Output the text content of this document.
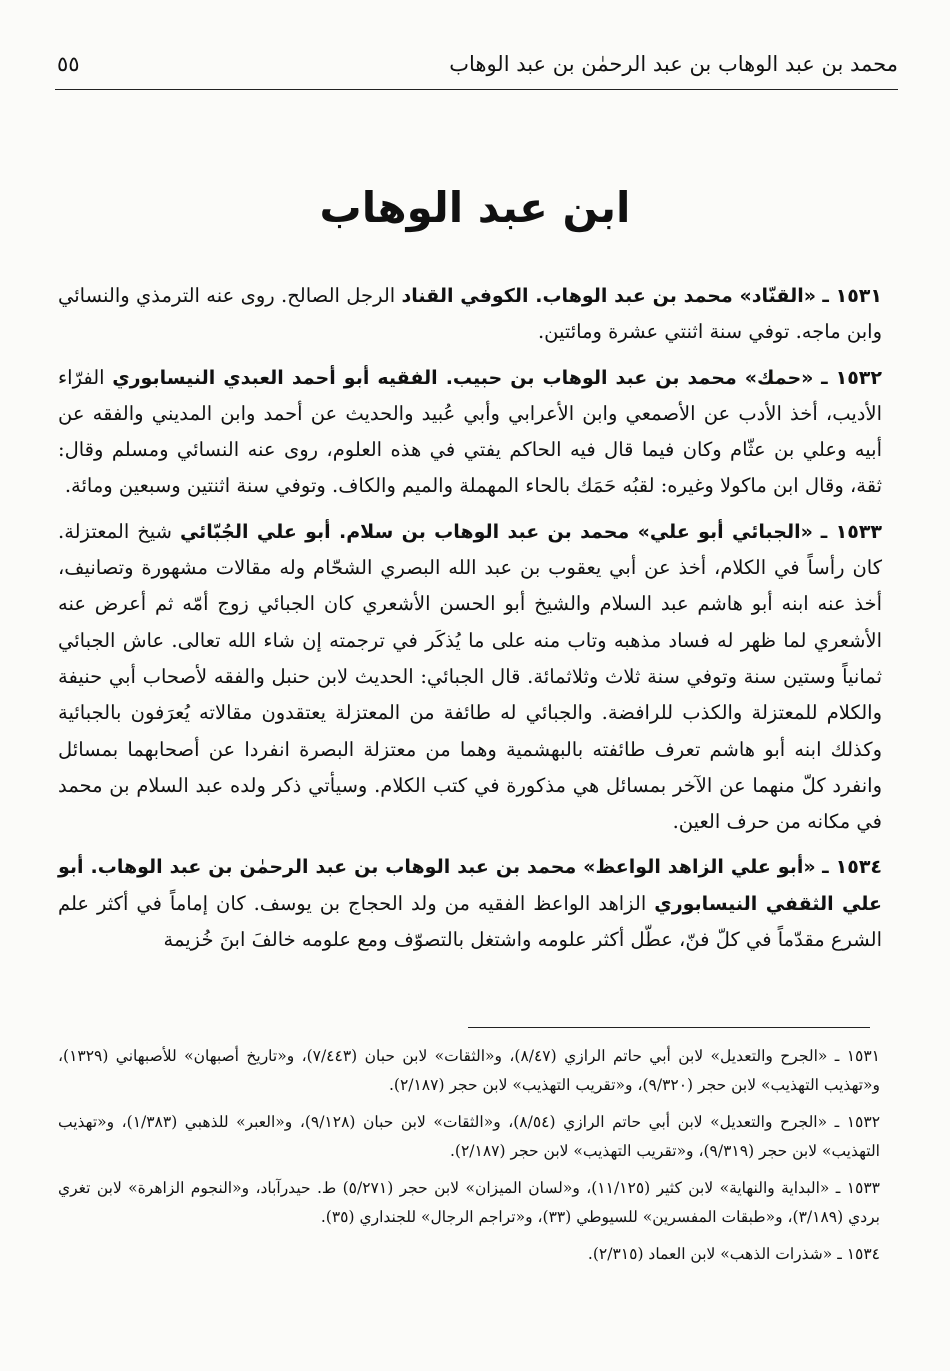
محمد بن عبد الوهاب بن عبد الرحمٰن بن عبد الوهاب
٥٥
ابن عبد الوهاب

١٥٣١ ـ «القنّاد» محمد بن عبد الوهاب. الكوفي القناد الرجل الصالح. روى عنه الترمذي والنسائي وابن ماجه. توفي سنة اثنتي عشرة ومائتين.

١٥٣٢ ـ «حمك» محمد بن عبد الوهاب بن حبيب. الفقيه أبو أحمد العبدي النيسابوري الفرّاء الأديب، أخذ الأدب عن الأصمعي وابن الأعرابي وأبي عُبيد والحديث عن أحمد وابن المديني والفقه عن أبيه وعلي بن عثّام وكان فيما قال فيه الحاكم يفتي في هذه العلوم، روى عنه النسائي ومسلم وقال: ثقة، وقال ابن ماكولا وغيره: لقبُه حَمَك بالحاء المهملة والميم والكاف. وتوفي سنة اثنتين وسبعين ومائة.

١٥٣٣ ـ «الجبائي أبو علي» محمد بن عبد الوهاب بن سلام. أبو علي الجُبّائي شيخ المعتزلة. كان رأساً في الكلام، أخذ عن أبي يعقوب بن عبد الله البصري الشحّام وله مقالات مشهورة وتصانيف، أخذ عنه ابنه أبو هاشم عبد السلام والشيخ أبو الحسن الأشعري كان الجبائي زوج أمّه ثم أعرض عنه الأشعري لما ظهر له فساد مذهبه وتاب منه على ما يُذكَر في ترجمته إن شاء الله تعالى. عاش الجبائي ثمانياً وستين سنة وتوفي سنة ثلاث وثلاثمائة. قال الجبائي: الحديث لابن حنبل والفقه لأصحاب أبي حنيفة والكلام للمعتزلة والكذب للرافضة. والجبائي له طائفة من المعتزلة يعتقدون مقالاته يُعرَفون بالجبائية وكذلك ابنه أبو هاشم تعرف طائفته بالبهشمية وهما من معتزلة البصرة انفردا عن أصحابهما بمسائل وانفرد كلّ منهما عن الآخر بمسائل هي مذكورة في كتب الكلام. وسيأتي ذكر ولده عبد السلام بن محمد في مكانه من حرف العين.

١٥٣٤ ـ «أبو علي الزاهد الواعظ» محمد بن عبد الوهاب بن عبد الرحمٰن بن عبد الوهاب. أبو علي الثقفي النيسابوري الزاهد الواعظ الفقيه من ولد الحجاج بن يوسف. كان إماماً في أكثر علم الشرع مقدّماً في كلّ فنّ، عطّل أكثر علومه واشتغل بالتصوّف ومع علومه خالفَ ابنَ خُزيمة

١٥٣١ ـ «الجرح والتعديل» لابن أبي حاتم الرازي (٨/٤٧)، و«الثقات» لابن حبان (٧/٤٤٣)، و«تاريخ أصبهان» للأصبهاني (١٣٢٩)، و«تهذيب التهذيب» لابن حجر (٩/٣٢٠)، و«تقريب التهذيب» لابن حجر (٢/١٨٧).

١٥٣٢ ـ «الجرح والتعديل» لابن أبي حاتم الرازي (٨/٥٤)، و«الثقات» لابن حبان (٩/١٢٨)، و«العبر» للذهبي (١/٣٨٣)، و«تهذيب التهذيب» لابن حجر (٩/٣١٩)، و«تقريب التهذيب» لابن حجر (٢/١٨٧).

١٥٣٣ ـ «البداية والنهاية» لابن كثير (١١/١٢٥)، و«لسان الميزان» لابن حجر (٥/٢٧١) ط. حيدرآباد، و«النجوم الزاهرة» لابن تغري بردي (٣/١٨٩)، و«طبقات المفسرين» للسيوطي (٣٣)، و«تراجم الرجال» للجنداري (٣٥).

١٥٣٤ ـ «شذرات الذهب» لابن العماد (٢/٣١٥).
